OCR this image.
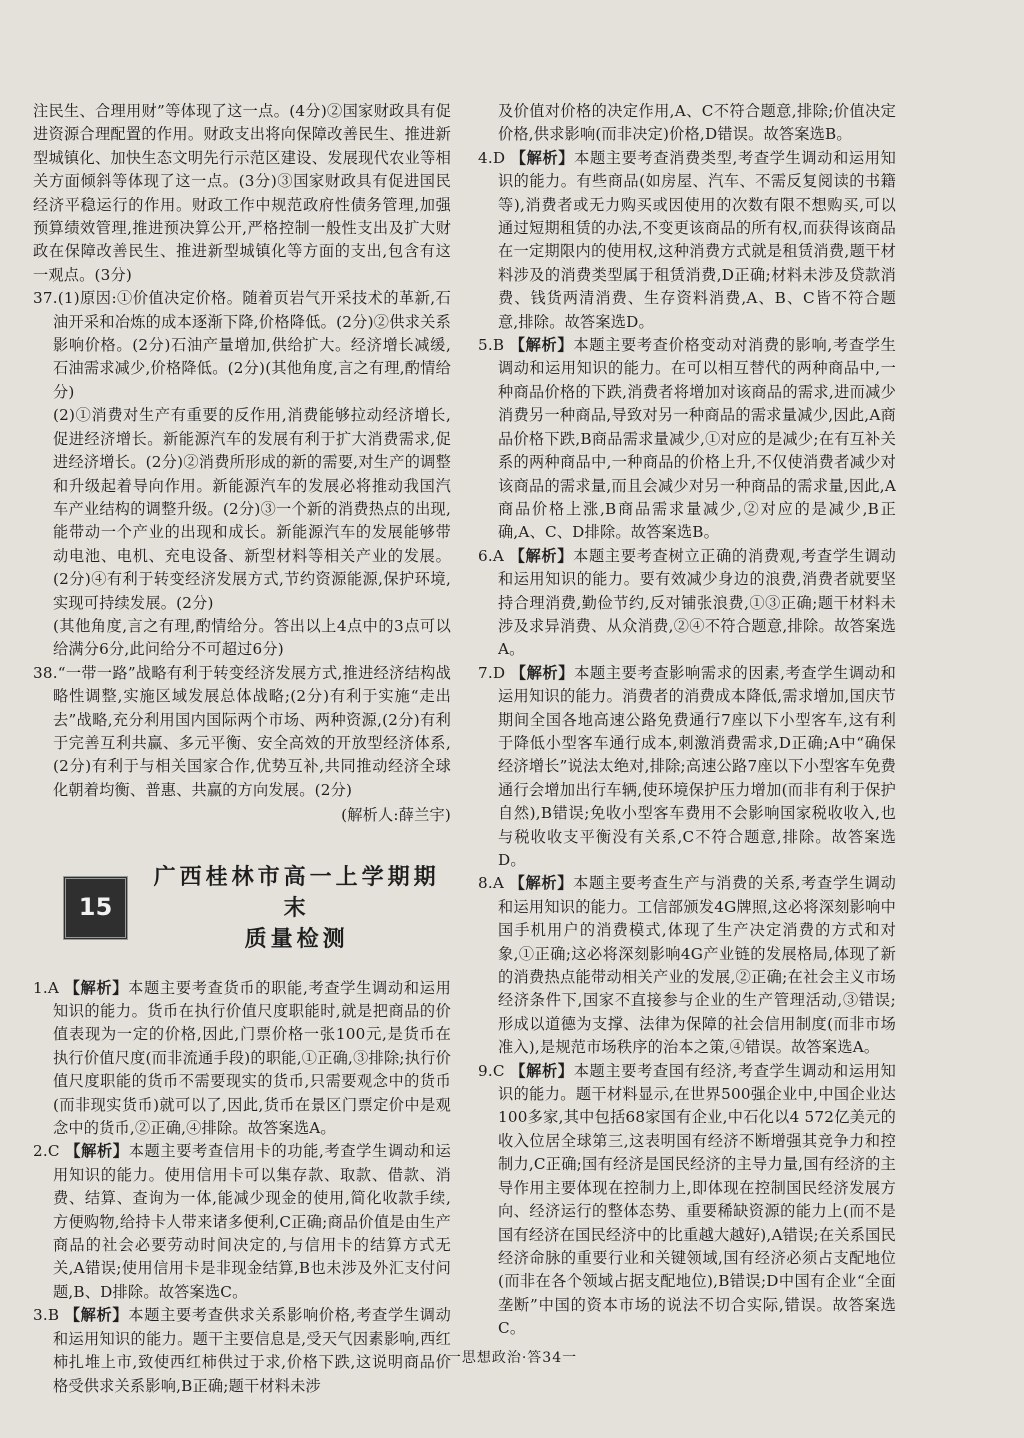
注民生、合理用财”等体现了这一点。(4分)②国家财政具有促进资源合理配置的作用。财政支出将向保障改善民生、推进新型城镇化、加快生态文明先行示范区建设、发展现代农业等相关方面倾斜等体现了这一点。(3分)③国家财政具有促进国民经济平稳运行的作用。财政工作中规范政府性债务管理,加强预算绩效管理,推进预决算公开,严格控制一般性支出及扩大财政在保障改善民生、推进新型城镇化等方面的支出,包含有这一观点。(3分)

37.(1)原因:①价值决定价格。随着页岩气开采技术的革新,石油开采和冶炼的成本逐渐下降,价格降低。(2分)②供求关系影响价格。(2分)石油产量增加,供给扩大。经济增长减缓,石油需求减少,价格降低。(2分)(其他角度,言之有理,酌情给分)

(2)①消费对生产有重要的反作用,消费能够拉动经济增长,促进经济增长。新能源汽车的发展有利于扩大消费需求,促进经济增长。(2分)②消费所形成的新的需要,对生产的调整和升级起着导向作用。新能源汽车的发展必将推动我国汽车产业结构的调整升级。(2分)③一个新的消费热点的出现,能带动一个产业的出现和成长。新能源汽车的发展能够带动电池、电机、充电设备、新型材料等相关产业的发展。(2分)④有利于转变经济发展方式,节约资源能源,保护环境,实现可持续发展。(2分)

(其他角度,言之有理,酌情给分。答出以上4点中的3点可以给满分6分,此问给分不可超过6分)

38.“一带一路”战略有利于转变经济发展方式,推进经济结构战略性调整,实施区域发展总体战略;(2分)有利于实施“走出去”战略,充分利用国内国际两个市场、两种资源,(2分)有利于完善互利共赢、多元平衡、安全高效的开放型经济体系,(2分)有利于与相关国家合作,优势互补,共同推动经济全球化朝着均衡、普惠、共赢的方向发展。(2分)

(解析人:薛兰宇)

15
广西桂林市高一上学期期末
质量检测

1.A 【解析】本题主要考查货币的职能,考查学生调动和运用知识的能力。货币在执行价值尺度职能时,就是把商品的价值表现为一定的价格,因此,门票价格一张100元,是货币在执行价值尺度(而非流通手段)的职能,①正确,③排除;执行价值尺度职能的货币不需要现实的货币,只需要观念中的货币(而非现实货币)就可以了,因此,货币在景区门票定价中是观念中的货币,②正确,④排除。故答案选A。

2.C 【解析】本题主要考查信用卡的功能,考查学生调动和运用知识的能力。使用信用卡可以集存款、取款、借款、消费、结算、查询为一体,能减少现金的使用,简化收款手续,方便购物,给持卡人带来诸多便利,C正确;商品价值是由生产商品的社会必要劳动时间决定的,与信用卡的结算方式无关,A错误;使用信用卡是非现金结算,B也未涉及外汇支付问题,B、D排除。故答案选C。

3.B 【解析】本题主要考查供求关系影响价格,考查学生调动和运用知识的能力。题干主要信息是,受天气因素影响,西红柿扎堆上市,致使西红柿供过于求,价格下跌,这说明商品价格受供求关系影响,B正确;题干材料未涉

及价值对价格的决定作用,A、C不符合题意,排除;价值决定价格,供求影响(而非决定)价格,D错误。故答案选B。

4.D 【解析】本题主要考查消费类型,考查学生调动和运用知识的能力。有些商品(如房屋、汽车、不需反复阅读的书籍等),消费者或无力购买或因使用的次数有限不想购买,可以通过短期租赁的办法,不变更该商品的所有权,而获得该商品在一定期限内的使用权,这种消费方式就是租赁消费,题干材料涉及的消费类型属于租赁消费,D正确;材料未涉及贷款消费、钱货两清消费、生存资料消费,A、B、C皆不符合题意,排除。故答案选D。

5.B 【解析】本题主要考查价格变动对消费的影响,考查学生调动和运用知识的能力。在可以相互替代的两种商品中,一种商品价格的下跌,消费者将增加对该商品的需求,进而减少消费另一种商品,导致对另一种商品的需求量减少,因此,A商品价格下跌,B商品需求量减少,①对应的是减少;在有互补关系的两种商品中,一种商品的价格上升,不仅使消费者减少对该商品的需求量,而且会减少对另一种商品的需求量,因此,A商品价格上涨,B商品需求量减少,②对应的是减少,B正确,A、C、D排除。故答案选B。

6.A 【解析】本题主要考查树立正确的消费观,考查学生调动和运用知识的能力。要有效减少身边的浪费,消费者就要坚持合理消费,勤俭节约,反对铺张浪费,①③正确;题干材料未涉及求异消费、从众消费,②④不符合题意,排除。故答案选A。

7.D 【解析】本题主要考查影响需求的因素,考查学生调动和运用知识的能力。消费者的消费成本降低,需求增加,国庆节期间全国各地高速公路免费通行7座以下小型客车,这有利于降低小型客车通行成本,刺激消费需求,D正确;A中“确保经济增长”说法太绝对,排除;高速公路7座以下小型客车免费通行会增加出行车辆,使环境保护压力增加(而非有利于保护自然),B错误;免收小型客车费用不会影响国家税收收入,也与税收收支平衡没有关系,C不符合题意,排除。故答案选D。

8.A 【解析】本题主要考查生产与消费的关系,考查学生调动和运用知识的能力。工信部颁发4G牌照,这必将深刻影响中国手机用户的消费模式,体现了生产决定消费的方式和对象,①正确;这必将深刻影响4G产业链的发展格局,体现了新的消费热点能带动相关产业的发展,②正确;在社会主义市场经济条件下,国家不直接参与企业的生产管理活动,③错误;形成以道德为支撑、法律为保障的社会信用制度(而非市场准入),是规范市场秩序的治本之策,④错误。故答案选A。

9.C 【解析】本题主要考查国有经济,考查学生调动和运用知识的能力。题干材料显示,在世界500强企业中,中国企业达100多家,其中包括68家国有企业,中石化以4 572亿美元的收入位居全球第三,这表明国有经济不断增强其竞争力和控制力,C正确;国有经济是国民经济的主导力量,国有经济的主导作用主要体现在控制力上,即体现在控制国民经济发展方向、经济运行的整体态势、重要稀缺资源的能力上(而不是国有经济在国民经济中的比重越大越好),A错误;在关系国民经济命脉的重要行业和关键领域,国有经济必须占支配地位(而非在各个领域占据支配地位),B错误;D中国有企业“全面垄断”中国的资本市场的说法不切合实际,错误。故答案选C。

一思想政治·答34一
